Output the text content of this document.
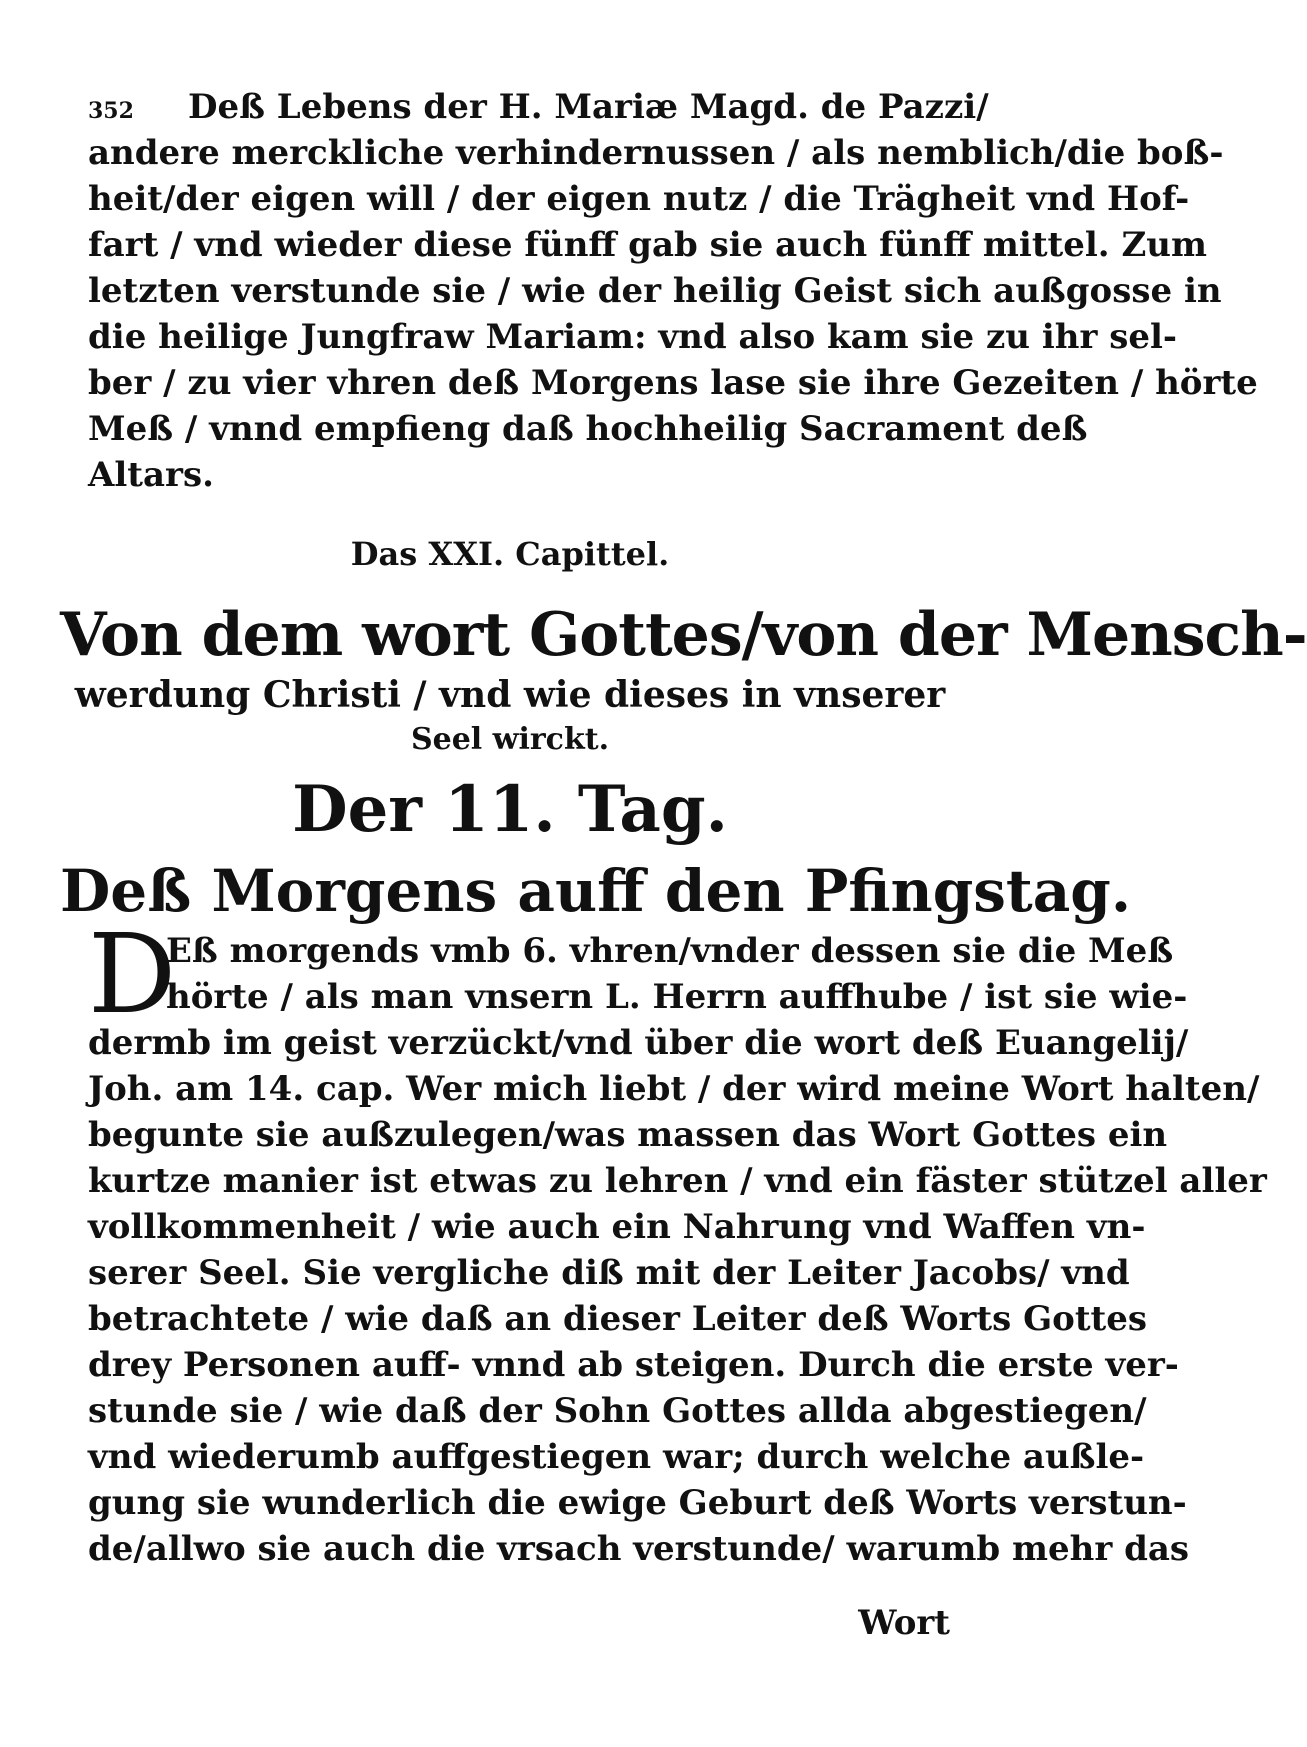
352 Deß Lebens der H. Mariæ Magd. de Pazzi/
andere merckliche verhindernussen / als nemblich/die boß-
heit/der eigen will / der eigen nutz / die Trägheit vnd Hof-
fart / vnd wieder diese fünff gab sie auch fünff mittel. Zum
letzten verstunde sie / wie der heilig Geist sich außgosse in
die heilige Jungfraw Mariam: vnd also kam sie zu ihr sel-
ber / zu vier vhren deß Morgens lase sie ihre Gezeiten / hörte
Meß / vnnd empfieng daß hochheilig Sacrament deß
Altars.
Das XXI. Capittel.
Von dem wort Gottes/von der Mensch-
werdung Christi / vnd wie dieses in vnserer
Seel wirckt.
Der 11. Tag.
Deß Morgens auff den Pfingstag.
D
Eß morgends vmb 6. vhren/vnder dessen sie die Meß
hörte / als man vnsern L. Herrn auffhube / ist sie wie-
dermb im geist verzückt/vnd über die wort deß Euangelij/
Joh. am 14. cap. Wer mich liebt / der wird meine Wort halten/
begunte sie außzulegen/was massen das Wort Gottes ein
kurtze manier ist etwas zu lehren / vnd ein fäster stützel aller
vollkommenheit / wie auch ein Nahrung vnd Waffen vn-
serer Seel. Sie vergliche diß mit der Leiter Jacobs/ vnd
betrachtete / wie daß an dieser Leiter deß Worts Gottes
drey Personen auff- vnnd ab steigen. Durch die erste ver-
stunde sie / wie daß der Sohn Gottes allda abgestiegen/
vnd wiederumb auffgestiegen war; durch welche außle-
gung sie wunderlich die ewige Geburt deß Worts verstun-
de/allwo sie auch die vrsach verstunde/ warumb mehr das
Wort
